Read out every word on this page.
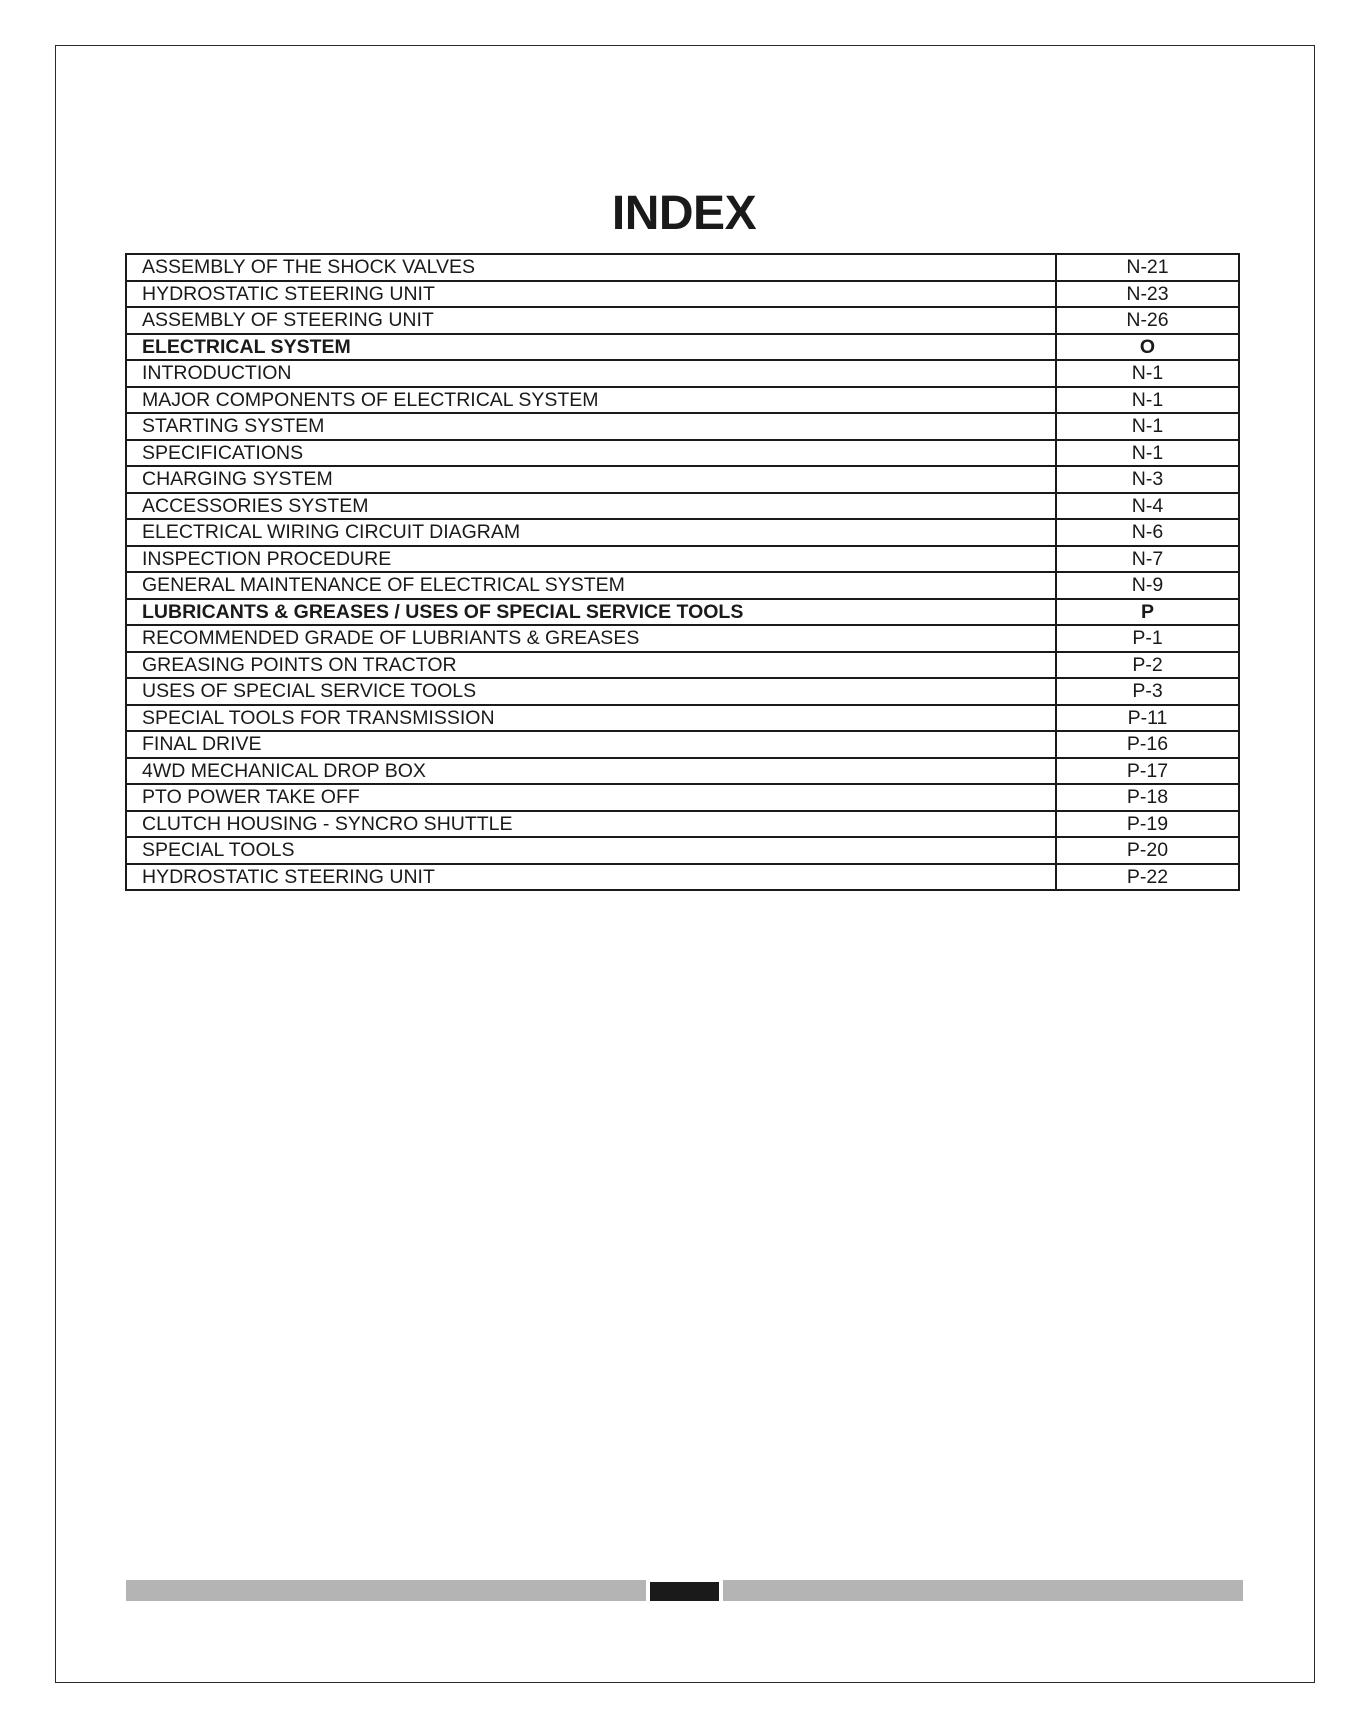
INDEX
ASSEMBLY OF THE SHOCK VALVES	N-21
HYDROSTATIC STEERING UNIT	N-23
ASSEMBLY OF STEERING UNIT	N-26
ELECTRICAL SYSTEM	O
INTRODUCTION	N-1
MAJOR COMPONENTS OF ELECTRICAL SYSTEM	N-1
STARTING SYSTEM	N-1
SPECIFICATIONS	N-1
CHARGING SYSTEM	N-3
ACCESSORIES SYSTEM	N-4
ELECTRICAL WIRING CIRCUIT DIAGRAM	N-6
INSPECTION PROCEDURE	N-7
GENERAL MAINTENANCE OF ELECTRICAL SYSTEM	N-9
LUBRICANTS & GREASES / USES OF SPECIAL SERVICE TOOLS	P
RECOMMENDED GRADE OF LUBRIANTS & GREASES	P-1
GREASING POINTS ON TRACTOR	P-2
USES OF SPECIAL SERVICE TOOLS	P-3
SPECIAL TOOLS FOR TRANSMISSION	P-11
FINAL DRIVE	P-16
4WD MECHANICAL DROP BOX	P-17
PTO POWER TAKE OFF	P-18
CLUTCH HOUSING - SYNCRO SHUTTLE	P-19
SPECIAL TOOLS	P-20
HYDROSTATIC STEERING UNIT	P-22
